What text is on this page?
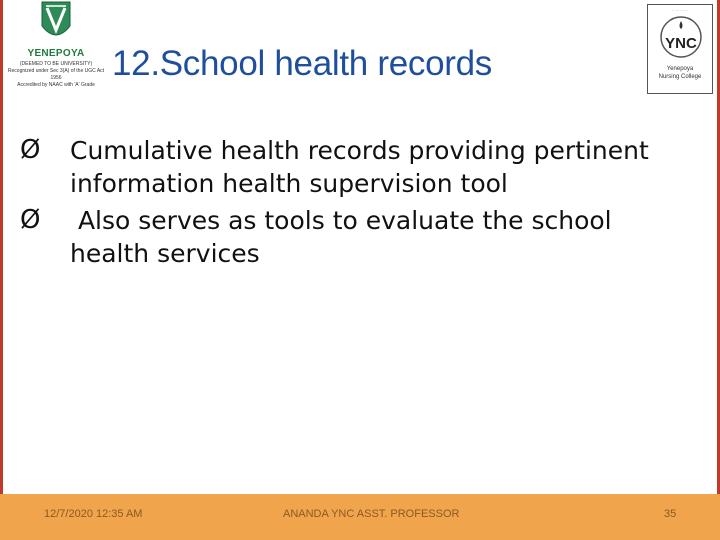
YENEPOYA
(DEEMED TO BE UNIVERSITY)
Recognized under Sec 3(A) of the UGC Act 1956
Accredited by NAAC with 'A' Grade
· · · · · · ·
YNC
Yenepoya
Nursing College
12.School health records
Ø Cumulative health records providing pertinent
information health supervision tool
Ø Also serves as tools to evaluate the school
health services
12/7/2020 12:35 AM	ANANDA YNC ASST. PROFESSOR	35
